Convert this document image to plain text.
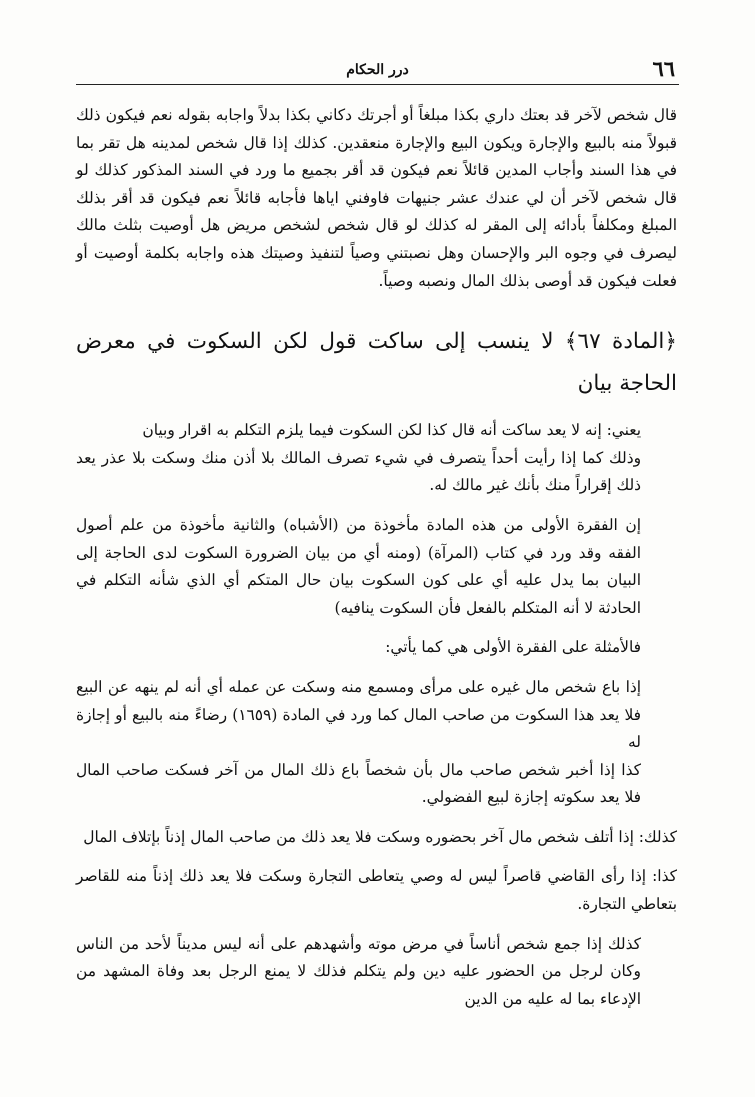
٦٦
درر الحكام

قال شخص لآخر قد بعتك داري بكذا مبلغاً أو أجرتك دكاني بكذا بدلاً واجابه بقوله نعم فيكون ذلك قبولاً منه بالبيع والإجارة ويكون البيع والإجارة منعقدين. كذلك إذا قال شخص لمدينه هل تقر بما في هذا السند وأجاب المدين قائلاً نعم فيكون قد أقر بجميع ما ورد في السند المذكور كذلك لو قال شخص لآخر أن لي عندك عشر جنيهات فاوفني اياها فأجابه قائلاً نعم فيكون قد أقر بذلك المبلغ ومكلفاً بأدائه إلى المقر له كذلك لو قال شخص لشخص مريض هل أوصيت بثلث مالك ليصرف في وجوه البر والإحسان وهل نصبتني وصياً لتنفيذ وصيتك هذه واجابه بكلمة أوصيت أو فعلت فيكون قد أوصى بذلك المال ونصبه وصياً.

﴿المادة ٦٧﴾ لا ينسب إلى ساكت قول لكن السكوت في معرض الحاجة بيان

يعني: إنه لا يعد ساكت أنه قال كذا لكن السكوت فيما يلزم التكلم به اقرار وبيان

وذلك كما إذا رأيت أحداً يتصرف في شيء تصرف المالك بلا أذن منك وسكت بلا عذر يعد ذلك إقراراً منك بأنك غير مالك له.

إن الفقرة الأولى من هذه المادة مأخوذة من (الأشباه) والثانية مأخوذة من علم أصول الفقه وقد ورد في كتاب (المرآة) (ومنه أي من بيان الضرورة السكوت لدى الحاجة إلى البيان بما يدل عليه أي على كون السكوت بيان حال المتكم أي الذي شأنه التكلم في الحادثة لا أنه المتكلم بالفعل فأن السكوت ينافيه)

فالأمثلة على الفقرة الأولى هي كما يأتي:

إذا باع شخص مال غيره على مرأى ومسمع منه وسكت عن عمله أي أنه لم ينهه عن البيع فلا يعد هذا السكوت من صاحب المال كما ورد في المادة (١٦٥٩) رضاءً منه بالبيع أو إجازة له

كذا إذا أخبر شخص صاحب مال بأن شخصاً باع ذلك المال من آخر فسكت صاحب المال فلا يعد سكوته إجازة لبيع الفضولي.

كذلك: إذا أتلف شخص مال آخر بحضوره وسكت فلا يعد ذلك من صاحب المال إذناً بإتلاف المال

كذا: إذا رأى القاضي قاصراً ليس له وصي يتعاطى التجارة وسكت فلا يعد ذلك إذناً منه للقاصر بتعاطي التجارة.

كذلك إذا جمع شخص أناساً في مرض موته وأشهدهم على أنه ليس مديناً لأحد من الناس وكان لرجل من الحضور عليه دين ولم يتكلم فذلك لا يمنع الرجل بعد وفاة المشهد من الإدعاء بما له عليه من الدين
